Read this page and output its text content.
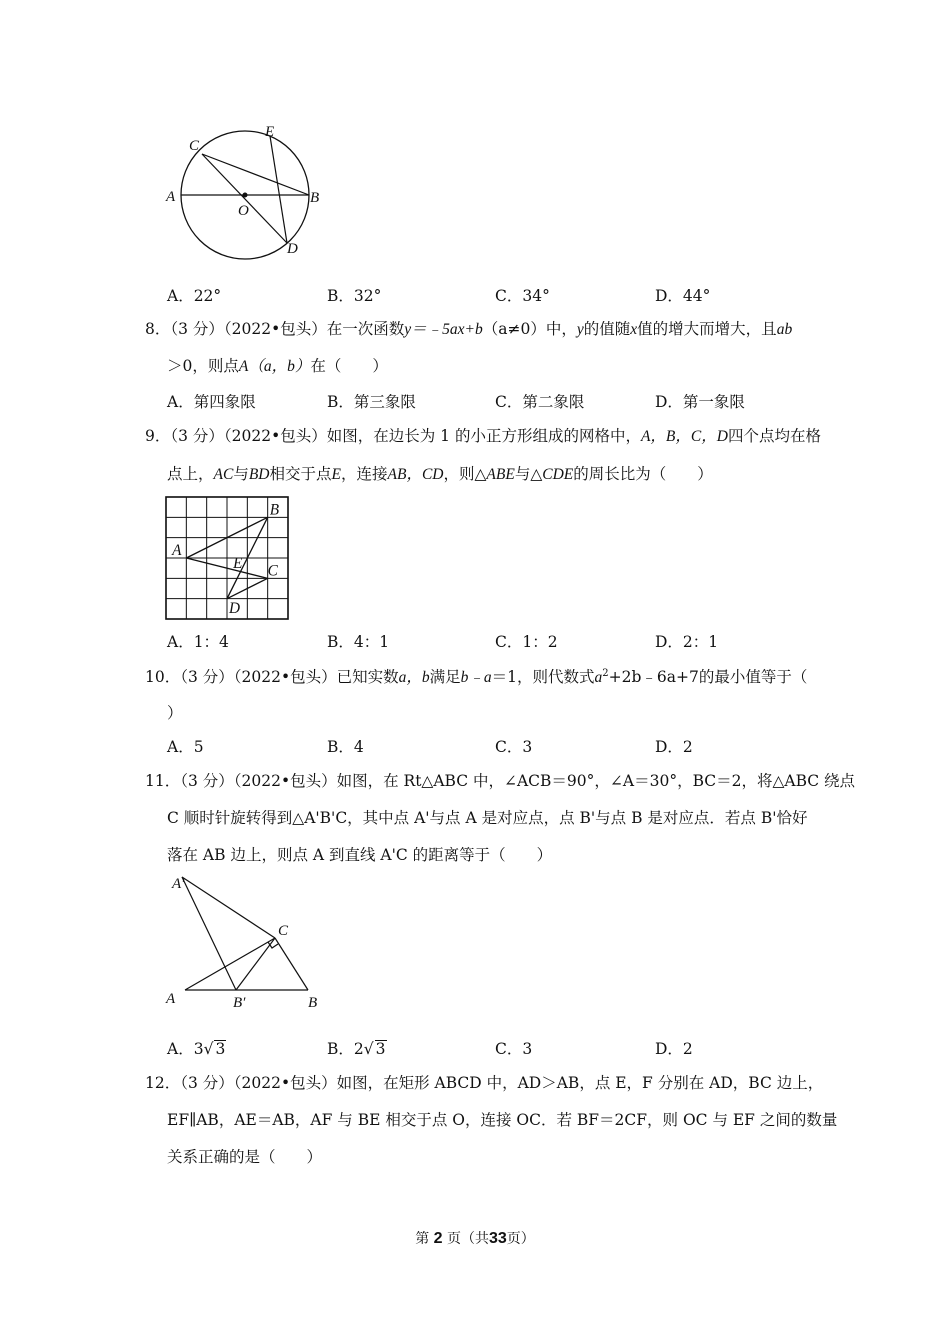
A	B
C
D
E
O
A．22°	B．32°	C．34°	D．44°
8．（3 分）（2022•包头）在一次函数y＝﹣5ax+b（a≠0）中，y的值随x值的增大而增大，且ab
＞0，则点A（a，b）在（　　）
A．第四象限	B．第三象限	C．第二象限	D．第一象限
9．（3 分）（2022•包头）如图，在边长为 1 的小正方形组成的网格中，A，B，C，D四个点均在格
点上，AC与BD相交于点E，连接AB，CD，则△ABE与△CDE的周长比为（　　）
A
B
C
D
E
A．1：4	B．4：1	C．1：2	D．2：1
10．（3 分）（2022•包头）已知实数a，b满足b﹣a＝1，则代数式$a^2+2b﹣6a+7$的最小值等于（
）
A．5	B．4	C．3	D．2
11．（3 分）（2022•包头）如图，在 Rt△ABC 中，∠ACB＝90°，∠A＝30°，BC＝2，将△ABC 绕点
C 顺时针旋转得到△A'B'C，其中点 A'与点 A 是对应点，点 B'与点 B 是对应点．若点 B'恰好
落在 AB 边上，则点 A 到直线 A'C 的距离等于（　　）
A′
C
A	B′	B
A．3√ 3	B．2√ 3	C．3	D．2
12．（3 分）（2022•包头）如图，在矩形 ABCD 中，AD＞AB，点 E，F 分别在 AD，BC 边上，
EF∥AB，AE＝AB，AF 与 BE 相交于点 O，连接 OC．若 BF＝2CF，则 OC 与 EF 之间的数量
关系正确的是（　　）
第 2 页（共33页）
